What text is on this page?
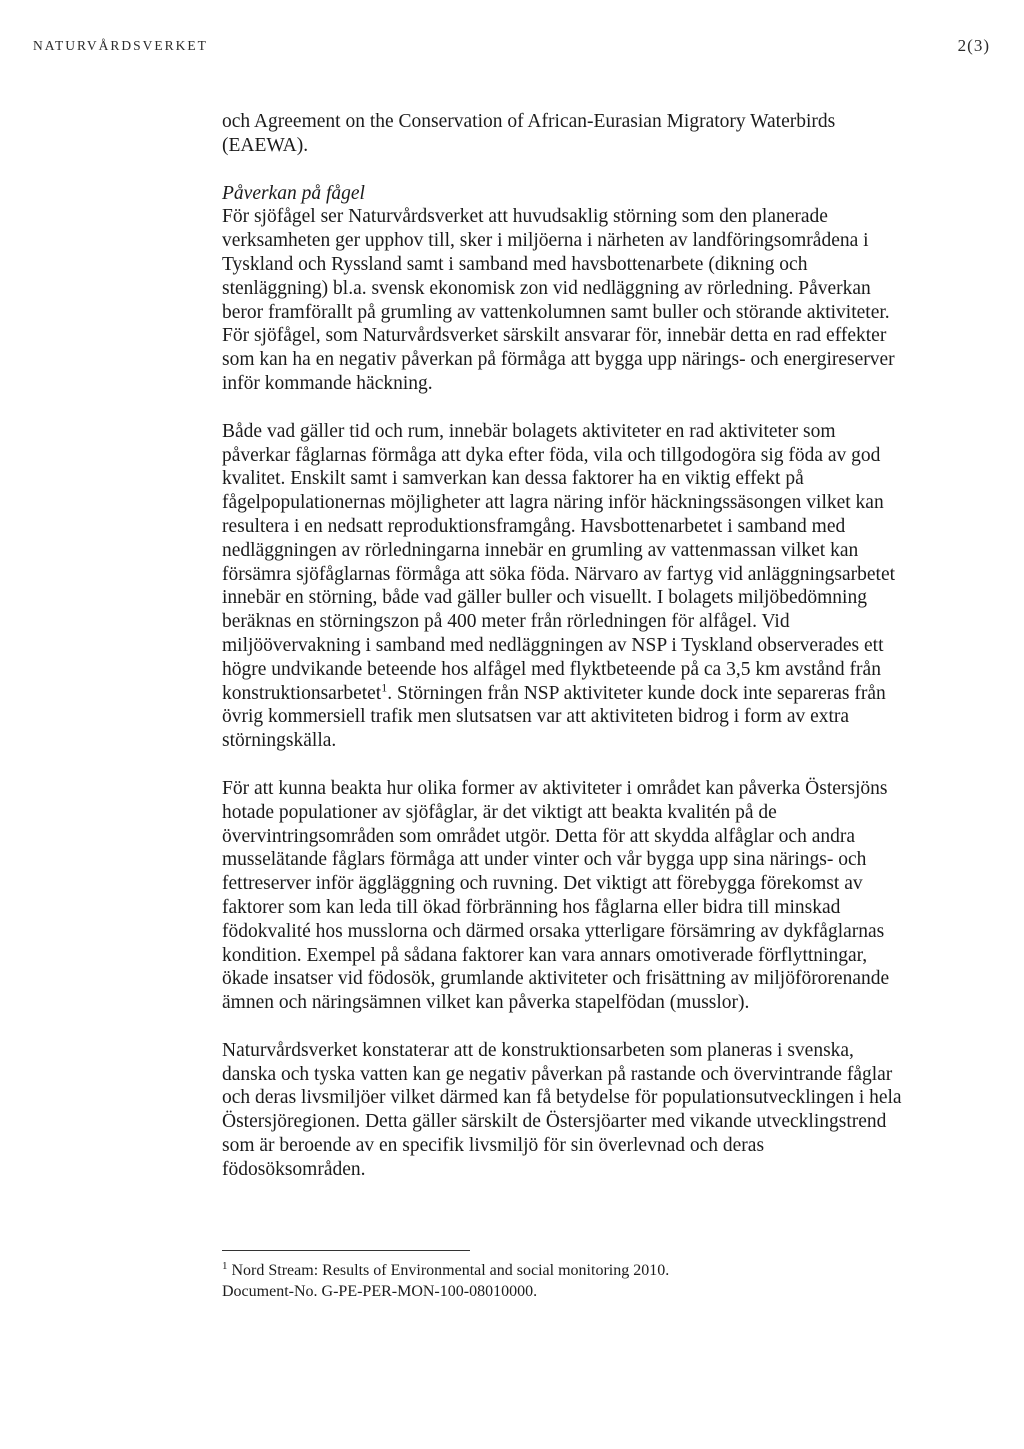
NATURVÅRDSVERKET	2(3)

och Agreement on the Conservation of African-Eurasian Migratory Waterbirds (EAEWA).

Påverkan på fågel
För sjöfågel ser Naturvårdsverket att huvudsaklig störning som den planerade verksamheten ger upphov till, sker i miljöerna i närheten av landföringsområdena i Tyskland och Ryssland samt i samband med havsbottenarbete (dikning och stenläggning) bl.a. svensk ekonomisk zon vid nedläggning av rörledning. Påverkan beror framförallt på grumling av vattenkolumnen samt buller och störande aktiviteter. För sjöfågel, som Naturvårdsverket särskilt ansvarar för, innebär detta en rad effekter som kan ha en negativ påverkan på förmåga att bygga upp närings- och energireserver inför kommande häckning.

Både vad gäller tid och rum, innebär bolagets aktiviteter en rad aktiviteter som påverkar fåglarnas förmåga att dyka efter föda, vila och tillgodogöra sig föda av god kvalitet. Enskilt samt i samverkan kan dessa faktorer ha en viktig effekt på fågelpopulationernas möjligheter att lagra näring inför häckningssäsongen vilket kan resultera i en nedsatt reproduktionsframgång. Havsbottenarbetet i samband med nedläggningen av rörledningarna innebär en grumling av vattenmassan vilket kan försämra sjöfåglarnas förmåga att söka föda. Närvaro av fartyg vid anläggningsarbetet innebär en störning, både vad gäller buller och visuellt. I bolagets miljöbedömning beräknas en störningszon på 400 meter från rörledningen för alfågel. Vid miljöövervakning i samband med nedläggningen av NSP i Tyskland observerades ett högre undvikande beteende hos alfågel med flyktbeteende på ca 3,5 km avstånd från konstruktionsarbetet$^1$. Störningen från NSP aktiviteter kunde dock inte separeras från övrig kommersiell trafik men slutsatsen var att aktiviteten bidrog i form av extra störningskälla.

För att kunna beakta hur olika former av aktiviteter i området kan påverka Östersjöns hotade populationer av sjöfåglar, är det viktigt att beakta kvalitén på de övervintringsområden som området utgör. Detta för att skydda alfåglar och andra musselätande fåglars förmåga att under vinter och vår bygga upp sina närings- och fettreserver inför äggläggning och ruvning. Det viktigt att förebygga förekomst av faktorer som kan leda till ökad förbränning hos fåglarna eller bidra till minskad födokvalité hos musslorna och därmed orsaka ytterligare försämring av dykfåglarnas kondition. Exempel på sådana faktorer kan vara annars omotiverade förflyttningar, ökade insatser vid födosök, grumlande aktiviteter och frisättning av miljöförorenande ämnen och näringsämnen vilket kan påverka stapelfödan (musslor).

Naturvårdsverket konstaterar att de konstruktionsarbeten som planeras i svenska, danska och tyska vatten kan ge negativ påverkan på rastande och övervintrande fåglar och deras livsmiljöer vilket därmed kan få betydelse för populationsutvecklingen i hela Östersjöregionen. Detta gäller särskilt de Östersjöarter med vikande utvecklingstrend som är beroende av en specifik livsmiljö för sin överlevnad och deras födosöksområden.

$^1$ Nord Stream: Results of Environmental and social monitoring 2010.

Document-No. G-PE-PER-MON-100-08010000.
